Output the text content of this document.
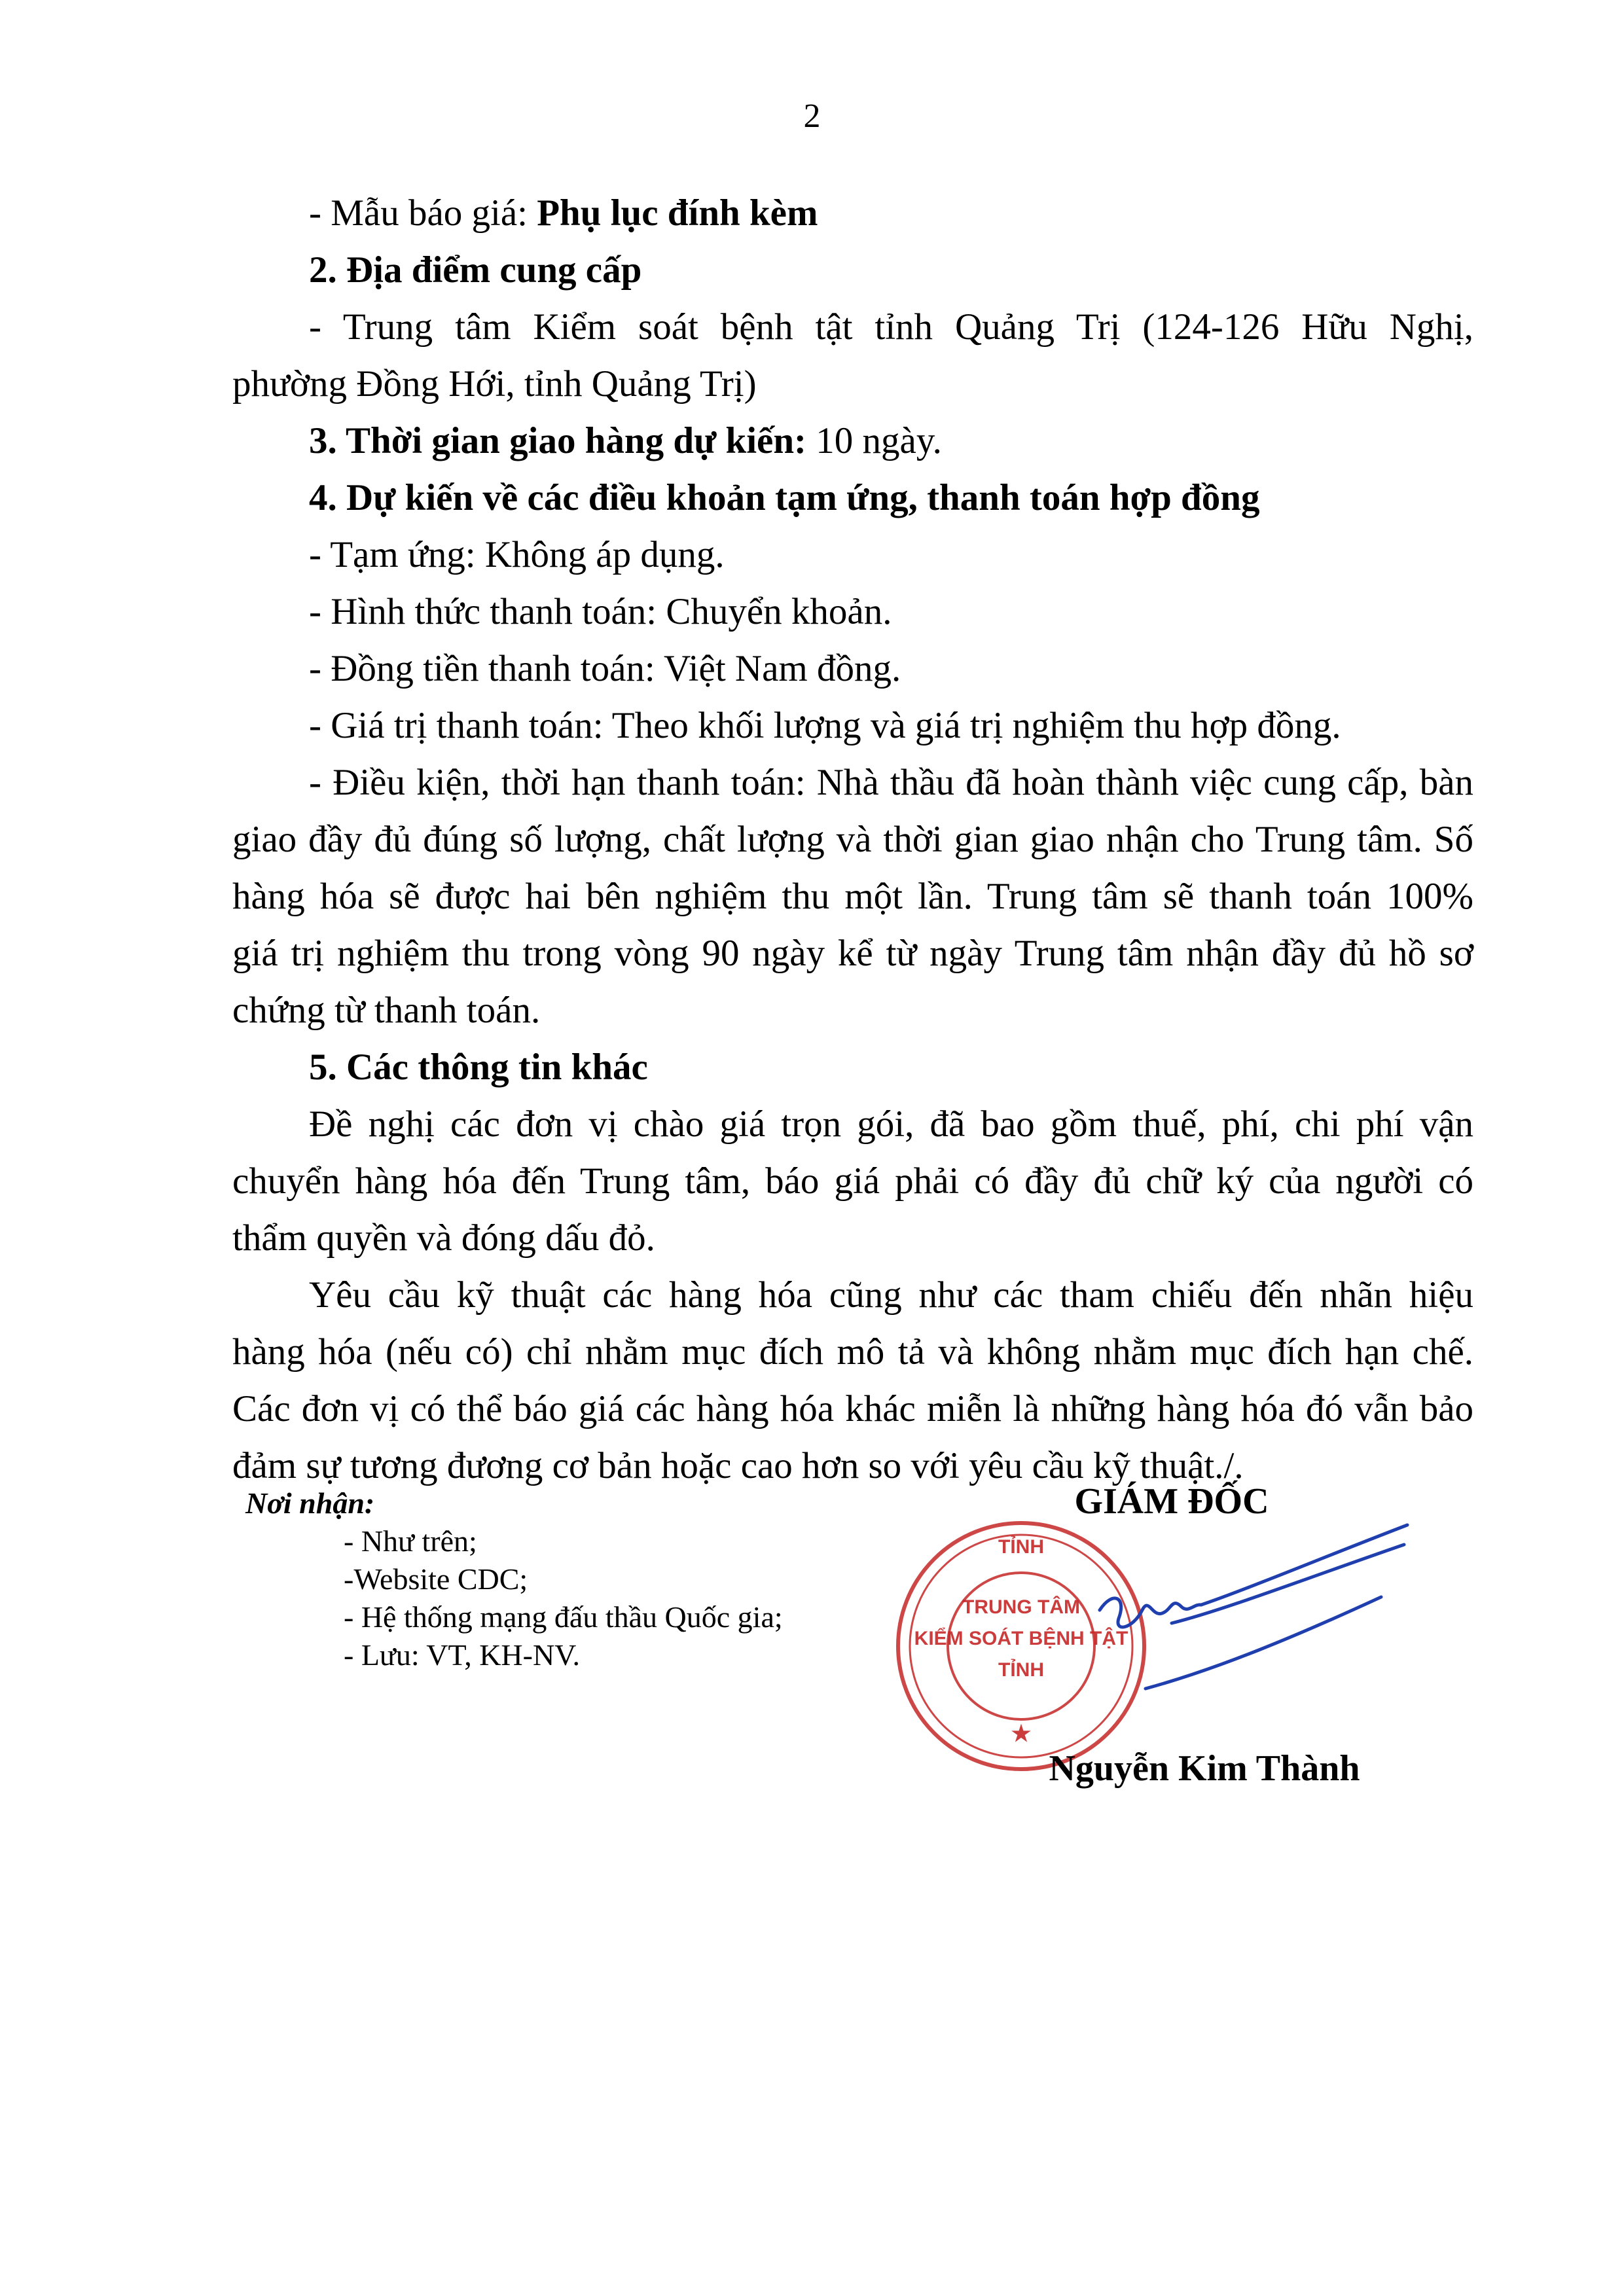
2
- Mẫu báo giá: Phụ lục đính kèm
2. Địa điểm cung cấp
- Trung tâm Kiểm soát bệnh tật tỉnh Quảng Trị (124-126 Hữu Nghị,
phường Đồng Hới, tỉnh Quảng Trị)
3. Thời gian giao hàng dự kiến: 10 ngày.
4. Dự kiến về các điều khoản tạm ứng, thanh toán hợp đồng
- Tạm ứng: Không áp dụng.
- Hình thức thanh toán: Chuyển khoản.
- Đồng tiền thanh toán: Việt Nam đồng.
- Giá trị thanh toán: Theo khối lượng và giá trị nghiệm thu hợp đồng.
- Điều kiện, thời hạn thanh toán: Nhà thầu đã hoàn thành việc cung cấp, bàn
giao đầy đủ đúng số lượng, chất lượng và thời gian giao nhận cho Trung tâm. Số
hàng hóa sẽ được hai bên nghiệm thu một lần. Trung tâm sẽ thanh toán 100%
giá trị nghiệm thu trong vòng 90 ngày kể từ ngày Trung tâm nhận đầy đủ hồ sơ
chứng từ thanh toán.
5. Các thông tin khác
Đề nghị các đơn vị chào giá trọn gói, đã bao gồm thuế, phí, chi phí vận
chuyển hàng hóa đến Trung tâm, báo giá phải có đầy đủ chữ ký của người có
thẩm quyền và đóng dấu đỏ.
Yêu cầu kỹ thuật các hàng hóa cũng như các tham chiếu đến nhãn hiệu
hàng hóa (nếu có) chỉ nhằm mục đích mô tả và không nhằm mục đích hạn chế.
Các đơn vị có thể báo giá các hàng hóa khác miễn là những hàng hóa đó vẫn bảo
đảm sự tương đương cơ bản hoặc cao hơn so với yêu cầu kỹ thuật./.
Nơi nhận:
- Như trên;
-Website CDC;
- Hệ thống mạng đấu thầu Quốc gia;
- Lưu: VT, KH-NV.
GIÁM ĐỐC
TỈNH
TRUNG TÂM
KIỂM SOÁT BỆNH TẬT
TỈNH
★
Nguyễn Kim Thành
